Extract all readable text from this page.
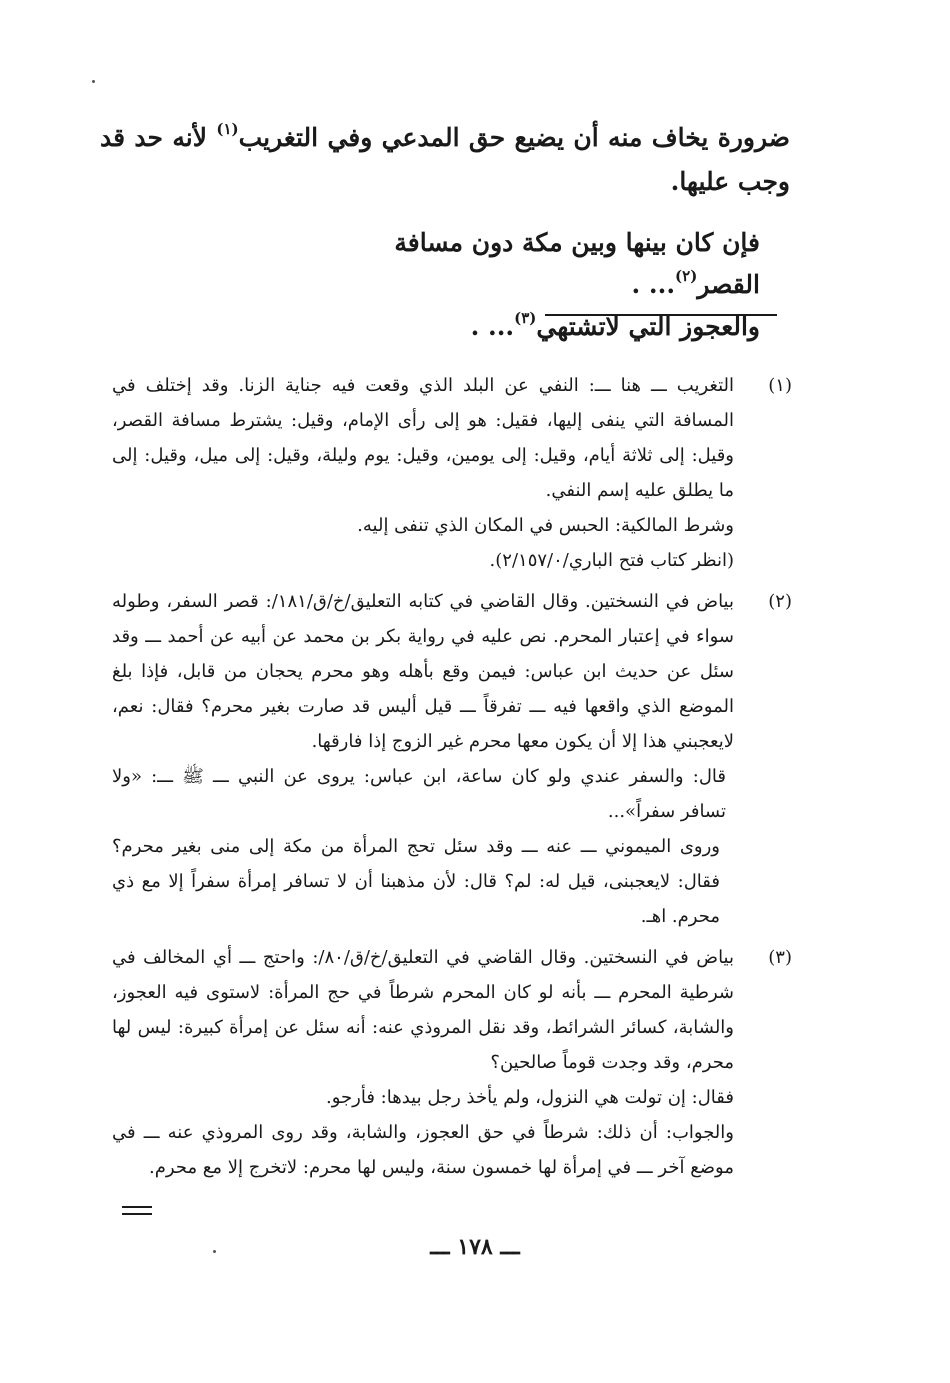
ضرورة يخاف منه أن يضيع حق المدعي وفي التغريب$^{(١)}$ لأنه حد قد وجب عليها.

فإن كان بينها وبين مكة دون مسافة القصر$^{(٢)}$... .

والعجوز التي لاتشتهي$^{(٣)}$... .

(١)

التغريب ـــ هنا ـــ: النفي عن البلد الذي وقعت فيه جناية الزنا. وقد إختلف في المسافة التي ينفى إليها، فقيل: هو إلى رأى الإمام، وقيل: يشترط مسافة القصر، وقيل: إلى ثلاثة أيام، وقيل: إلى يومين، وقيل: يوم وليلة، وقيل: إلى ميل، وقيل: إلى ما يطلق عليه إسم النفي.

وشرط المالكية: الحبس في المكان الذي تنفى إليه.

(انظر كتاب فتح الباري/٢/١٥٧/٠).

(٢)

بياض في النسختين. وقال القاضي في كتابه التعليق/خ/ق/١٨١/: قصر السفر، وطوله سواء في إعتبار المحرم. نص عليه في رواية بكر بن محمد عن أبيه عن أحمد ـــ وقد سئل عن حديث ابن عباس: فيمن وقع بأهله وهو محرم يحجان من قابل، فإذا بلغ الموضع الذي واقعها فيه ـــ تفرقاً ـــ قيل أليس قد صارت بغير محرم؟ فقال: نعم، لايعجبني هذا إلا أن يكون معها محرم غير الزوج إذا فارقها.

قال: والسفر عندي ولو كان ساعة، ابن عباس: يروى عن النبي ـــ ﷺ ـــ: «ولا تسافر سفراً»...

وروى الميموني ـــ عنه ـــ وقد سئل تحج المرأة من مكة إلى منى بغير محرم؟ فقال: لايعجبنى، قيل له: لم؟ قال: لأن مذهبنا أن لا تسافر إمرأة سفراً إلا مع ذي محرم. اهـ.

(٣)

بياض في النسختين. وقال القاضي في التعليق/خ/ق/٨٠/: واحتج ـــ أي المخالف في شرطية المحرم ـــ بأنه لو كان المحرم شرطاً في حج المرأة: لاستوى فيه العجوز، والشابة، كسائر الشرائط، وقد نقل المروذي عنه: أنه سئل عن إمرأة كبيرة: ليس لها محرم، وقد وجدت قوماً صالحين؟

فقال: إن تولت هي النزول، ولم يأخذ رجل بيدها: فأرجو.

والجواب: أن ذلك: شرطاً في حق العجوز، والشابة، وقد روى المروذي عنه ـــ في موضع آخر ـــ في إمرأة لها خمسون سنة، وليس لها محرم: لاتخرج إلا مع محرم.

ـــ ١٧٨ ـــ
